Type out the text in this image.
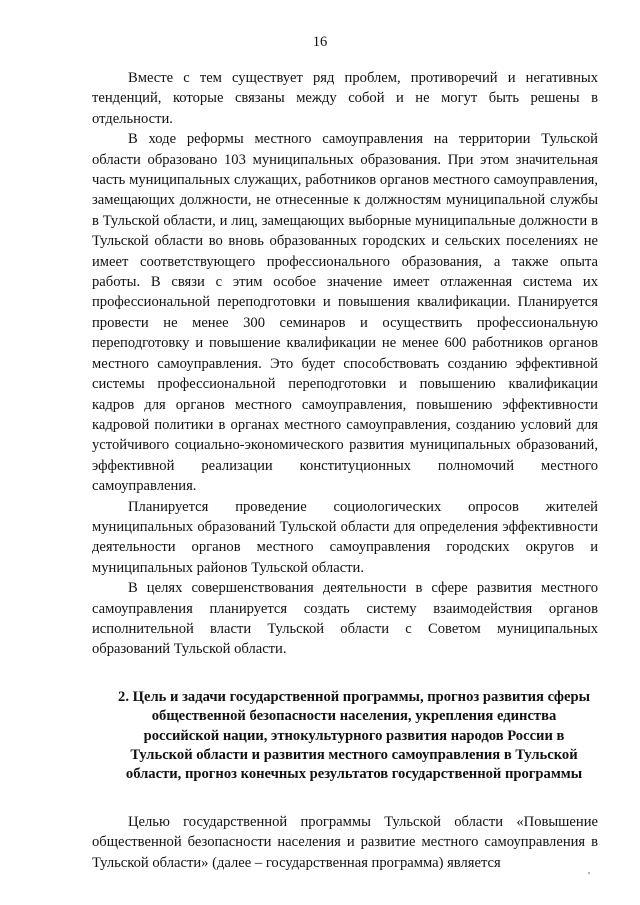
16

Вместе с тем существует ряд проблем, противоречий и негативных тенденций, которые связаны между собой и не могут быть решены в отдельности.

В ходе реформы местного самоуправления на территории Тульской области образовано 103 муниципальных образования. При этом значительная часть муниципальных служащих, работников органов местного самоуправления, замещающих должности, не отнесенные к должностям муниципальной службы в Тульской области, и лиц, замещающих выборные муниципальные должности в Тульской области во вновь образованных городских и сельских поселениях не имеет соответствующего профессионального образования, а также опыта работы. В связи с этим особое значение имеет отлаженная система их профессиональной переподготовки и повышения квалификации. Планируется провести не менее 300 семинаров и осуществить профессиональную переподготовку и повышение квалификации не менее 600 работников органов местного самоуправления. Это будет способствовать созданию эффективной системы профессиональной переподготовки и повышению квалификации кадров для органов местного самоуправления, повышению эффективности кадровой политики в органах местного самоуправления, созданию условий для устойчивого социально-экономического развития муниципальных образований, эффективной реализации конституционных полномочий местного самоуправления.

Планируется проведение социологических опросов жителей муниципальных образований Тульской области для определения эффективности деятельности органов местного самоуправления городских округов и муниципальных районов Тульской области.

В целях совершенствования деятельности в сфере развития местного самоуправления планируется создать систему взаимодействия органов исполнительной власти Тульской области с Советом муниципальных образований Тульской области.

2. Цель и задачи государственной программы, прогноз развития сферы общественной безопасности населения, укрепления единства российской нации, этнокультурного развития народов России в Тульской области и развития местного самоуправления в Тульской области, прогноз конечных результатов государственной программы

Целью государственной программы Тульской области «Повышение общественной безопасности населения и развитие местного самоуправления в Тульской области» (далее – государственная программа) является
